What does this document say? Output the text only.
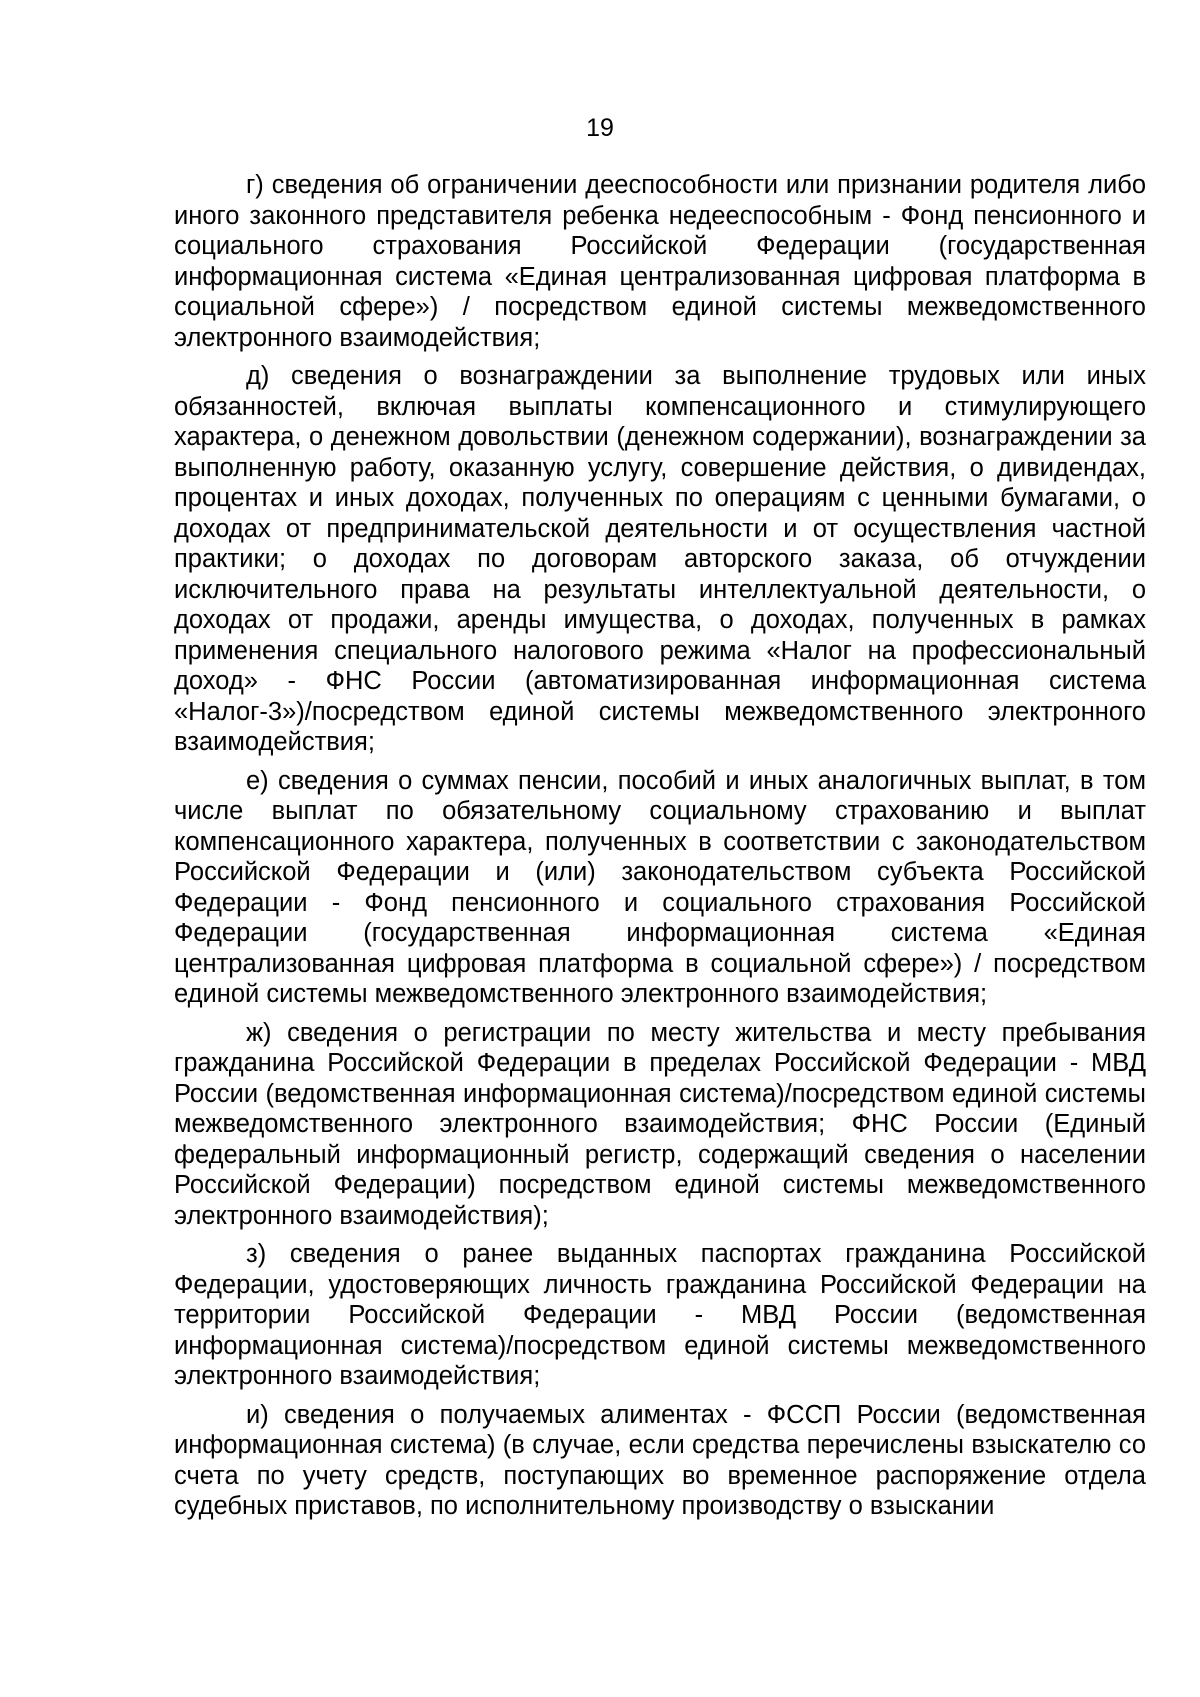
19

г) сведения об ограничении дееспособности или признании родителя либо иного законного представителя ребенка недееспособным - Фонд пенсионного и социального страхования Российской Федерации (государственная информационная система «Единая централизованная цифровая платформа в социальной сфере») / посредством единой системы межведомственного электронного взаимодействия;

д) сведения о вознаграждении за выполнение трудовых или иных обязанностей, включая выплаты компенсационного и стимулирующего характера, о денежном довольствии (денежном содержании), вознаграждении за выполненную работу, оказанную услугу, совершение действия, о дивидендах, процентах и иных доходах, полученных по операциям с ценными бумагами, о доходах от предпринимательской деятельности и от осуществления частной практики; о доходах по договорам авторского заказа, об отчуждении исключительного права на результаты интеллектуальной деятельности, о доходах от продажи, аренды имущества, о доходах, полученных в рамках применения специального налогового режима «Налог на профессиональный доход» - ФНС России (автоматизированная информационная система «Налог-3»)/посредством единой системы межведомственного электронного взаимодействия;

е) сведения о суммах пенсии, пособий и иных аналогичных выплат, в том числе выплат по обязательному социальному страхованию и выплат компенсационного характера, полученных в соответствии с законодательством Российской Федерации и (или) законодательством субъекта Российской Федерации - Фонд пенсионного и социального страхования Российской Федерации (государственная информационная система «Единая централизованная цифровая платформа в социальной сфере») / посредством единой системы межведомственного электронного взаимодействия;

ж) сведения о регистрации по месту жительства и месту пребывания гражданина Российской Федерации в пределах Российской Федерации - МВД России (ведомственная информационная система)/посредством единой системы межведомственного электронного взаимодействия; ФНС России (Единый федеральный информационный регистр, содержащий сведения о населении Российской Федерации) посредством единой системы межведомственного электронного взаимодействия);

з) сведения о ранее выданных паспортах гражданина Российской Федерации, удостоверяющих личность гражданина Российской Федерации на территории Российской Федерации - МВД России (ведомственная информационная система)/посредством единой системы межведомственного электронного взаимодействия;

и) сведения о получаемых алиментах - ФССП России (ведомственная информационная система) (в случае, если средства перечислены взыскателю со счета по учету средств, поступающих во временное распоряжение отдела судебных приставов, по исполнительному производству о взыскании
